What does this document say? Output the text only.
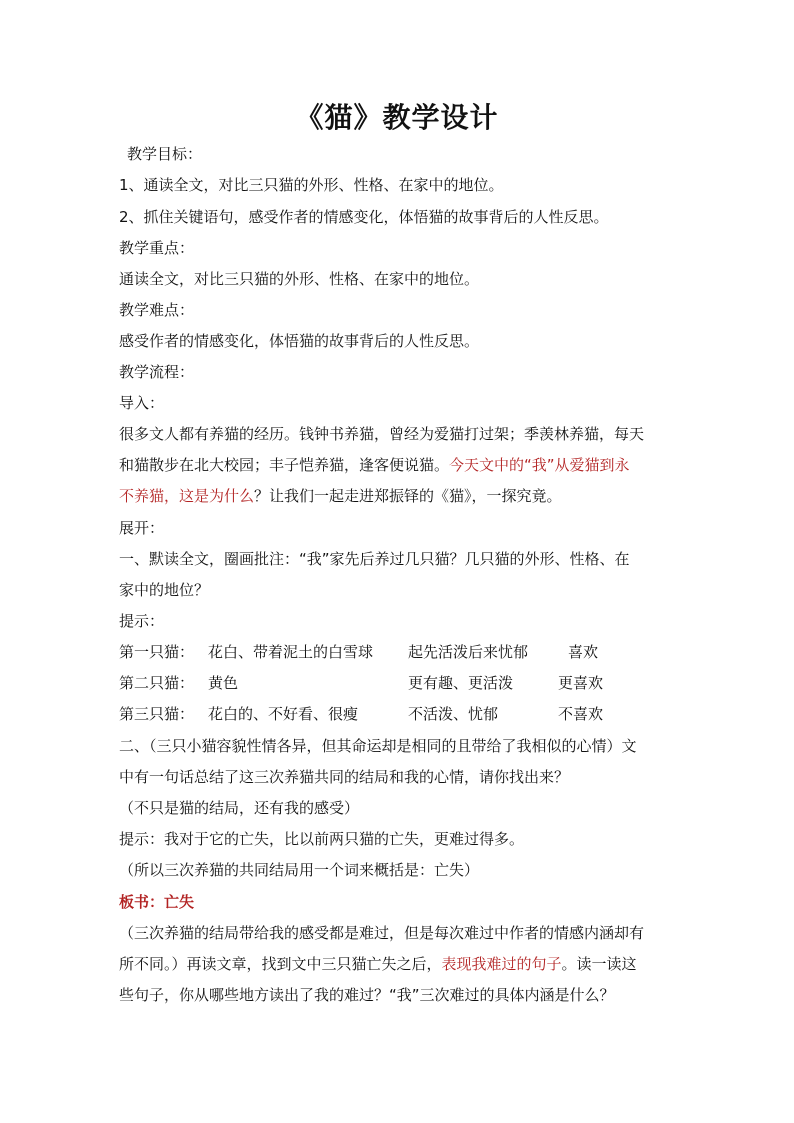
《猫》教学设计
教学目标：
1、通读全文，对比三只猫的外形、性格、在家中的地位。
2、抓住关键语句，感受作者的情感变化，体悟猫的故事背后的人性反思。
教学重点：
通读全文，对比三只猫的外形、性格、在家中的地位。
教学难点：
感受作者的情感变化，体悟猫的故事背后的人性反思。
教学流程：
导入：
很多文人都有养猫的经历。钱钟书养猫，曾经为爱猫打过架；季羡林养猫，每天
和猫散步在北大校园；丰子恺养猫，逢客便说猫。今天文中的“我”从爱猫到永
不养猫，这是为什么？让我们一起走进郑振铎的《猫》，一探究竟。
展开：
一、默读全文，圈画批注：“我”家先后养过几只猫？几只猫的外形、性格、在
家中的地位？
提示：
第一只猫： 花白、带着泥土的白雪球 起先活泼后来忧郁	喜欢
第二只猫： 黄色	更有趣、更活泼	更喜欢
第三只猫： 花白的、不好看、很瘦	不活泼、忧郁	不喜欢
二、（三只小猫容貌性情各异，但其命运却是相同的且带给了我相似的心情）文
中有一句话总结了这三次养猫共同的结局和我的心情，请你找出来？
（不只是猫的结局，还有我的感受）
提示：我对于它的亡失，比以前两只猫的亡失，更难过得多。
（所以三次养猫的共同结局用一个词来概括是：亡失）
板书：亡失
（三次养猫的结局带给我的感受都是难过，但是每次难过中作者的情感内涵却有
所不同。）再读文章，找到文中三只猫亡失之后，表现我难过的句子。读一读这
些句子，你从哪些地方读出了我的难过？“我”三次难过的具体内涵是什么？
